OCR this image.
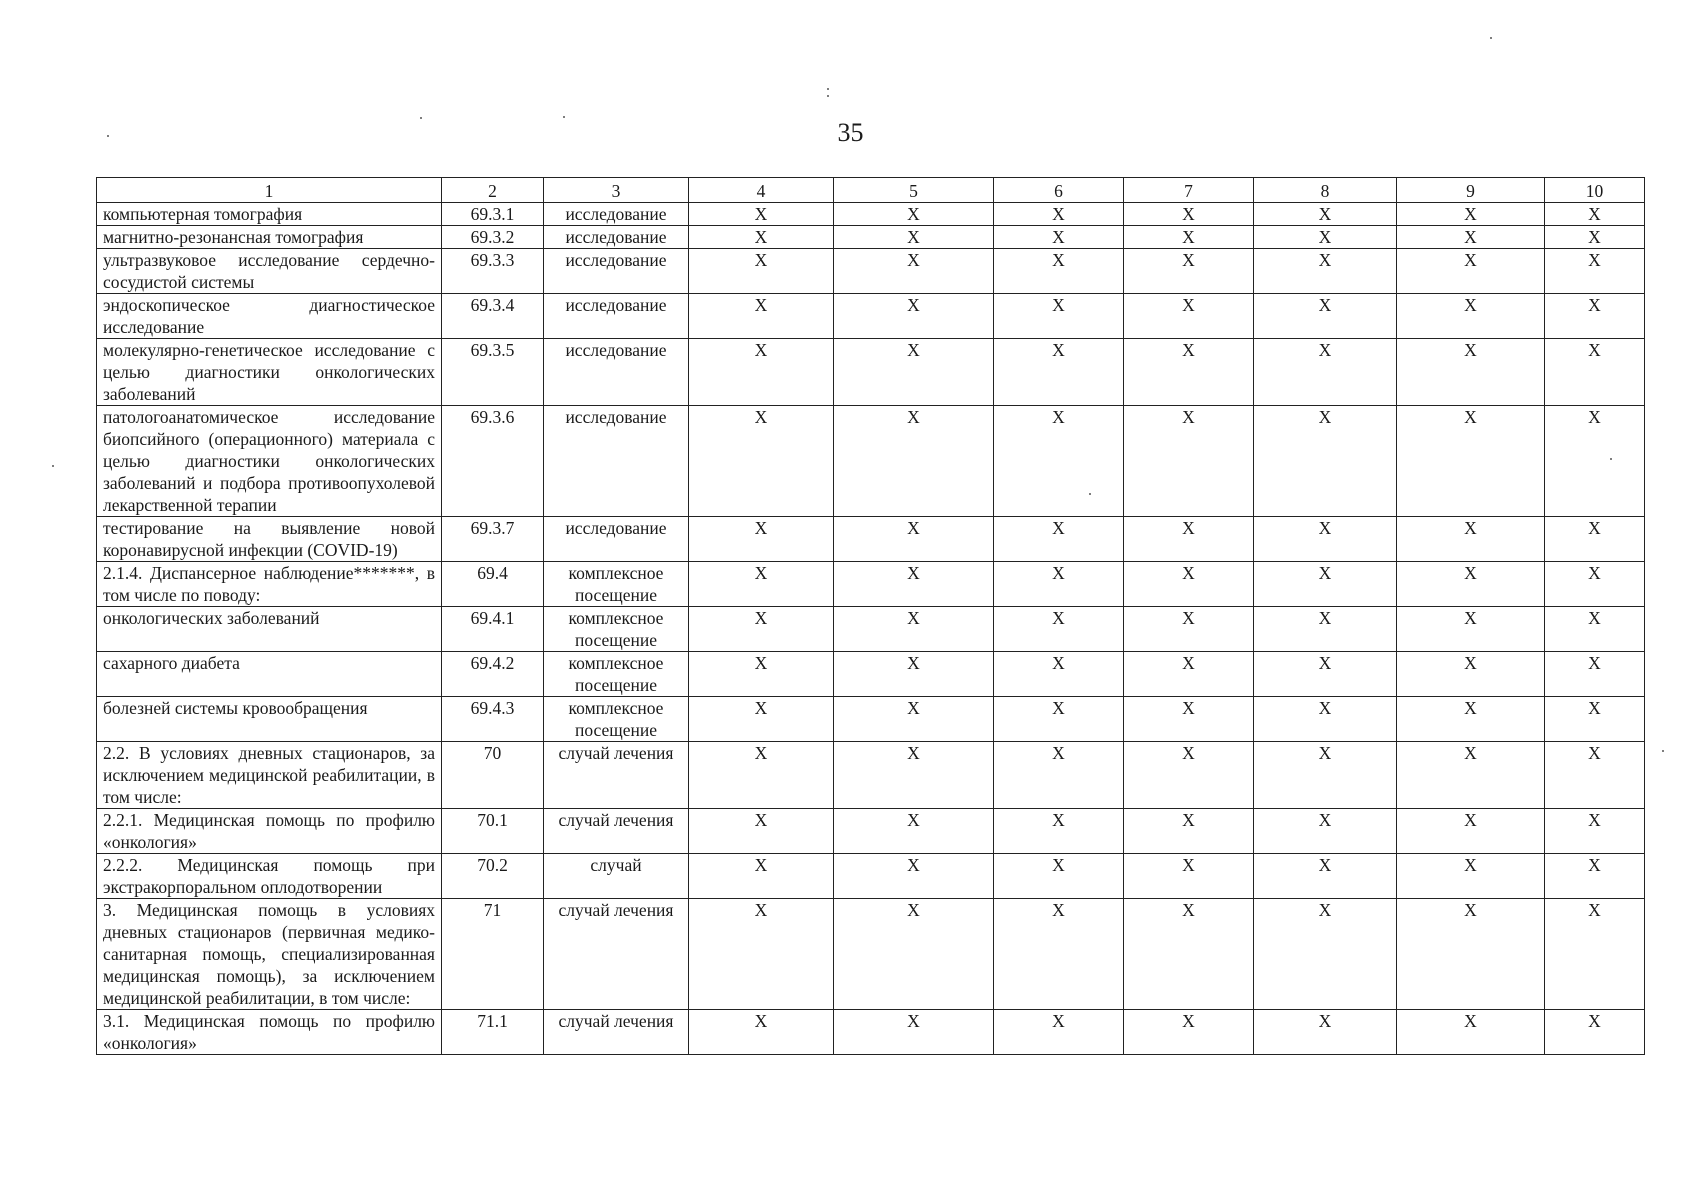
35
1	2	3	4	5	6	7	8	9	10
компьютерная томография	69.3.1	исследование	X	X	X	X	X	X	X
магнитно-резонансная томография	69.3.2	исследование	X	X	X	X	X	X	X
ультразвуковое исследование сердечно-сосудистой системы	69.3.3	исследование	X	X	X	X	X	X	X
эндоскопическое диагностическое исследование	69.3.4	исследование	X	X	X	X	X	X	X
молекулярно-генетическое исследование с целью диагностики онкологических заболеваний	69.3.5	исследование	X	X	X	X	X	X	X
патологоанатомическое исследование биопсийного (операционного) материала с целью диагностики онкологических заболеваний и подбора противоопухолевой лекарственной терапии	69.3.6	исследование	X	X	X	X	X	X	X
тестирование на выявление новой коронавирусной инфекции (COVID-19)	69.3.7	исследование	X	X	X	X	X	X	X
2.1.4. Диспансерное наблюдение*******, в том числе по поводу:	69.4	комплексное посещение	X	X	X	X	X	X	X
онкологических заболеваний	69.4.1	комплексное посещение	X	X	X	X	X	X	X
сахарного диабета	69.4.2	комплексное посещение	X	X	X	X	X	X	X
болезней системы кровообращения	69.4.3	комплексное посещение	X	X	X	X	X	X	X
2.2. В условиях дневных стационаров, за исключением медицинской реабилитации, в том числе:	70	случай лечения	X	X	X	X	X	X	X
2.2.1. Медицинская помощь по профилю «онкология»	70.1	случай лечения	X	X	X	X	X	X	X
2.2.2. Медицинская помощь при экстракорпоральном оплодотворении	70.2	случай	X	X	X	X	X	X	X
3. Медицинская помощь в условиях дневных стационаров (первичная медико-санитарная помощь, специализированная медицинская помощь), за исключением медицинской реабилитации, в том числе:	71	случай лечения	X	X	X	X	X	X	X
3.1. Медицинская помощь по профилю «онкология»	71.1	случай лечения	X	X	X	X	X	X	X
